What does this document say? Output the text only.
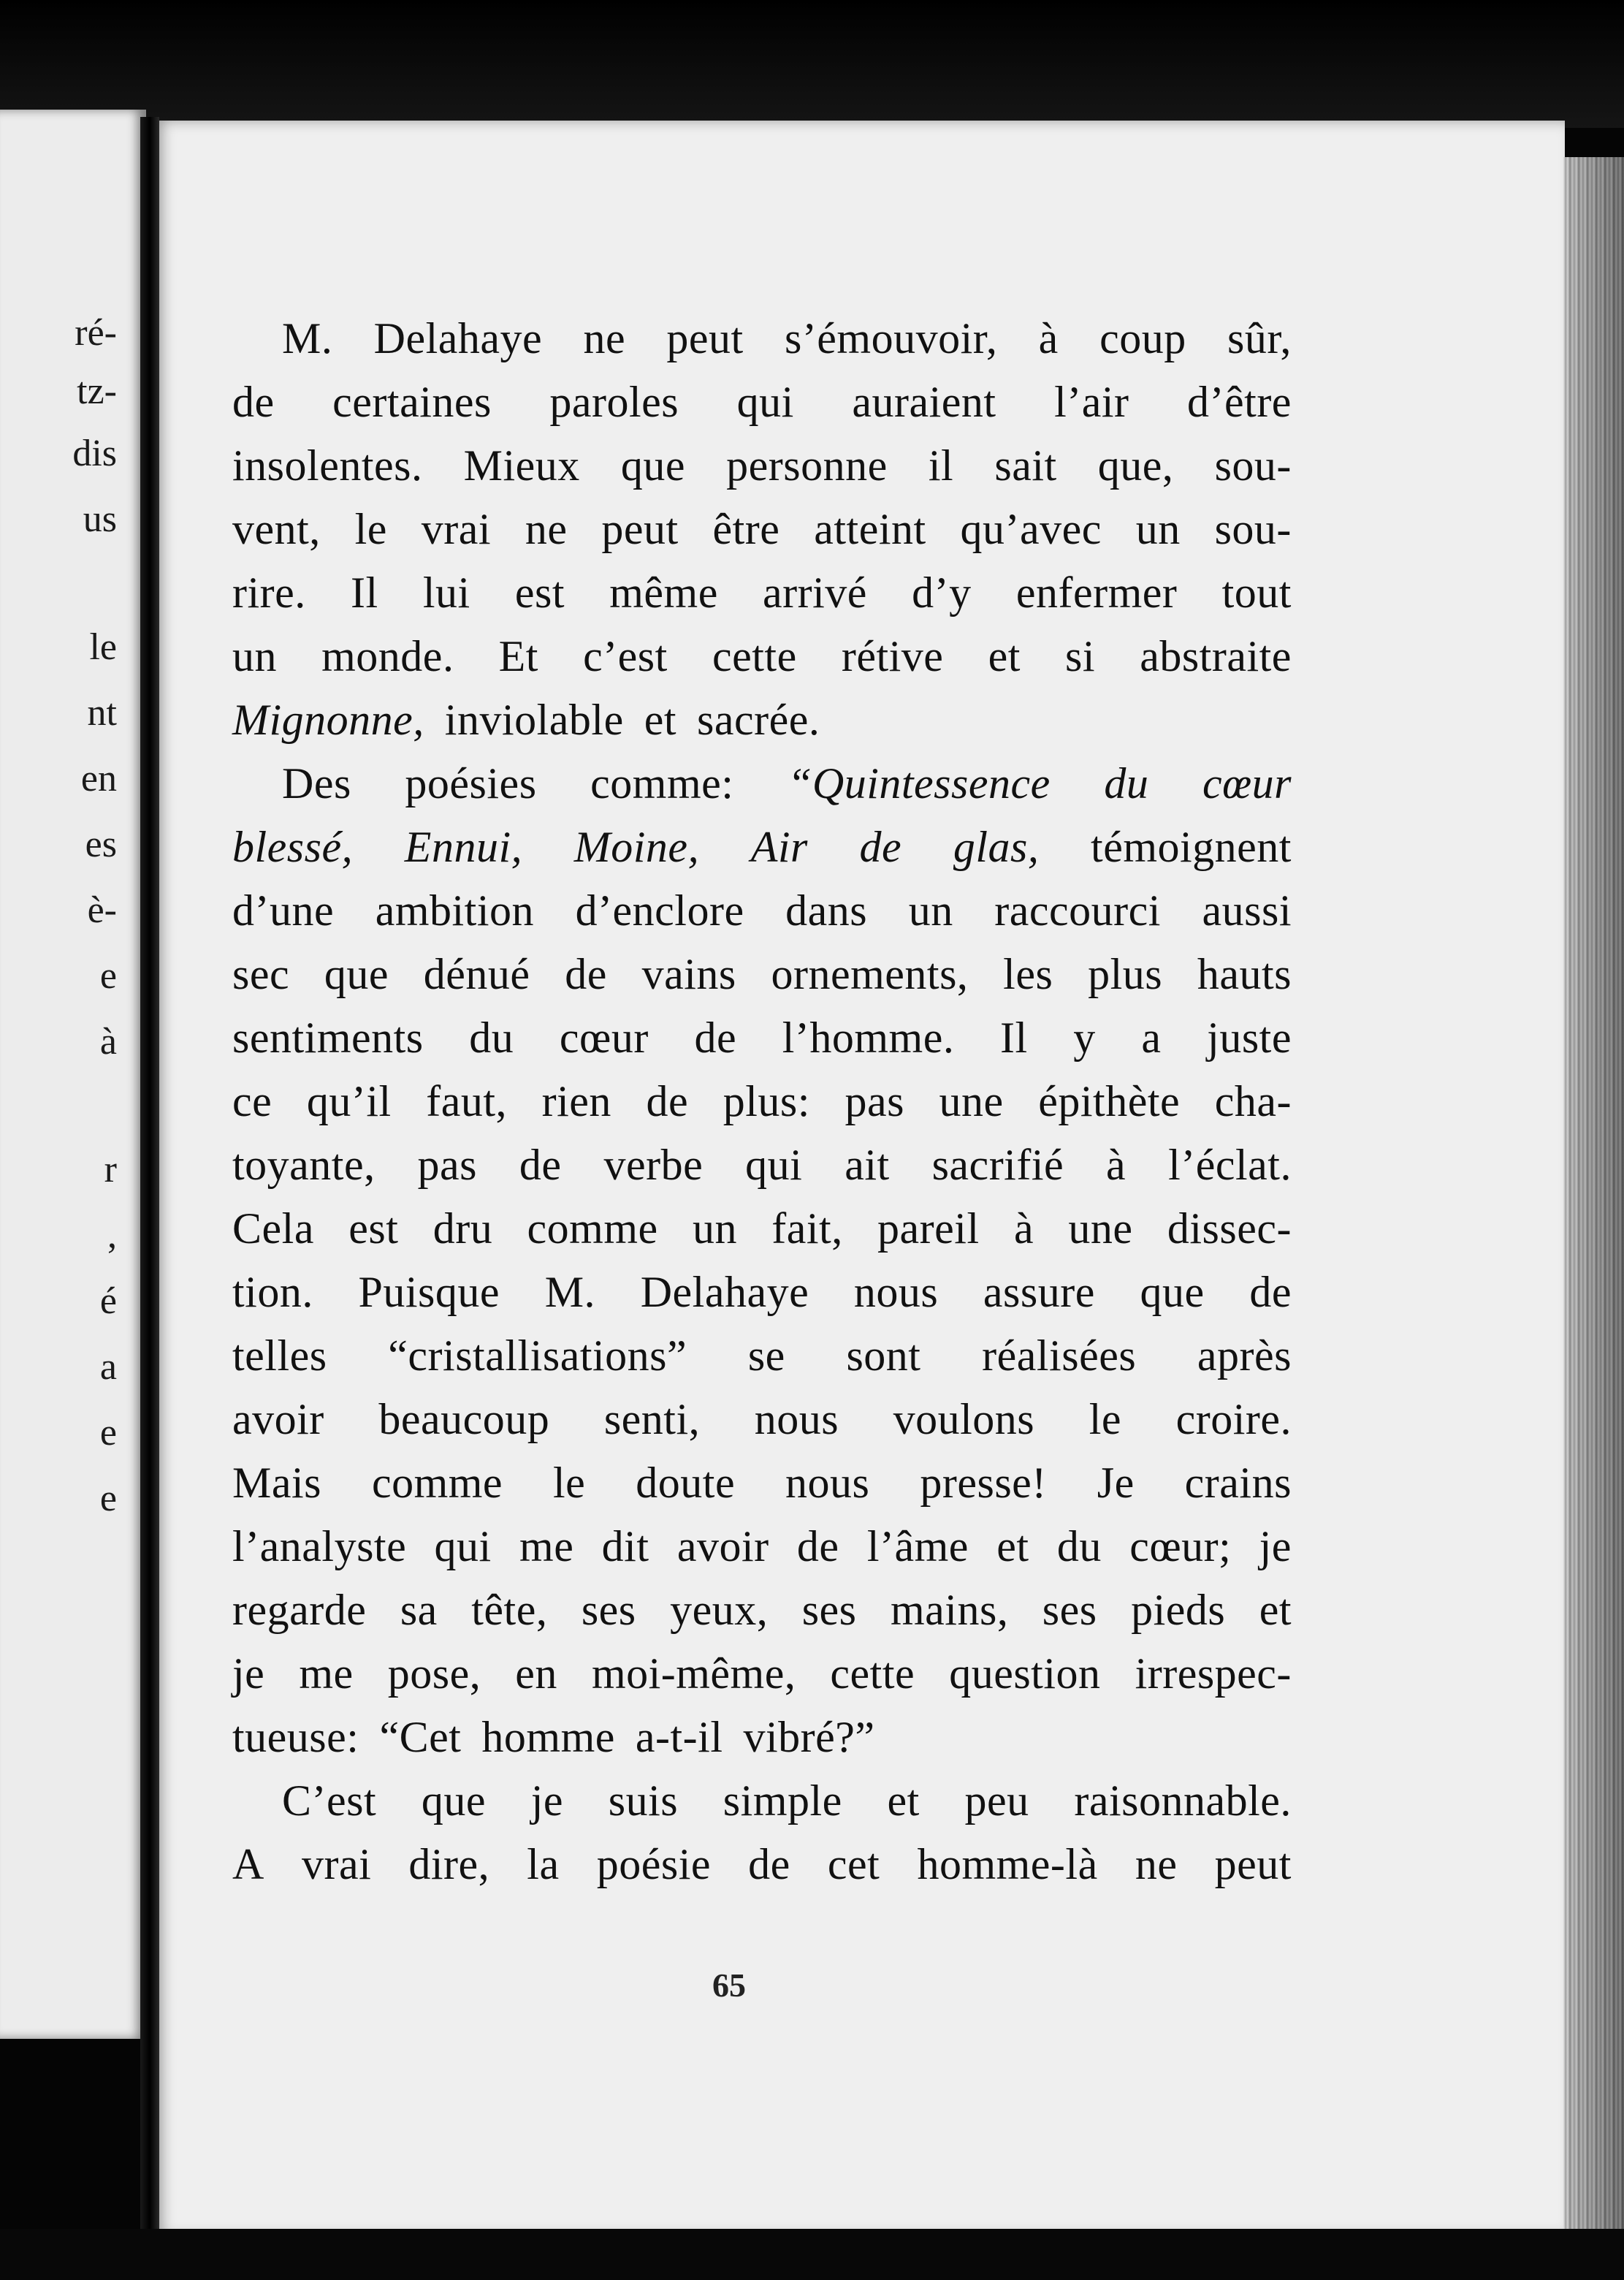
ré-
tz-
dis
us
le
nt
en
es
è-
e
à
r
,
é
a
e
e
M. Delahaye ne peut s’émouvoir, à coup sûr,
de certaines paroles qui auraient l’air d’être
insolentes. Mieux que personne il sait que, sou-
vent, le vrai ne peut être atteint qu’avec un sou-
rire. Il lui est même arrivé d’y enfermer tout
un monde. Et c’est cette rétive et si abstraite
Mignonne, inviolable et sacrée.
Des poésies comme: “Quintessence du cœur
blessé, Ennui, Moine, Air de glas, témoignent
d’une ambition d’enclore dans un raccourci aussi
sec que dénué de vains ornements, les plus hauts
sentiments du cœur de l’homme. Il y a juste
ce qu’il faut, rien de plus: pas une épithète cha-
toyante, pas de verbe qui ait sacrifié à l’éclat.
Cela est dru comme un fait, pareil à une dissec-
tion. Puisque M. Delahaye nous assure que de
telles “cristallisations” se sont réalisées après
avoir beaucoup senti, nous voulons le croire.
Mais comme le doute nous presse! Je crains
l’analyste qui me dit avoir de l’âme et du cœur; je
regarde sa tête, ses yeux, ses mains, ses pieds et
je me pose, en moi-même, cette question irrespec-
tueuse: “Cet homme a-t-il vibré?”
C’est que je suis simple et peu raisonnable.
A vrai dire, la poésie de cet homme-là ne peut
65
